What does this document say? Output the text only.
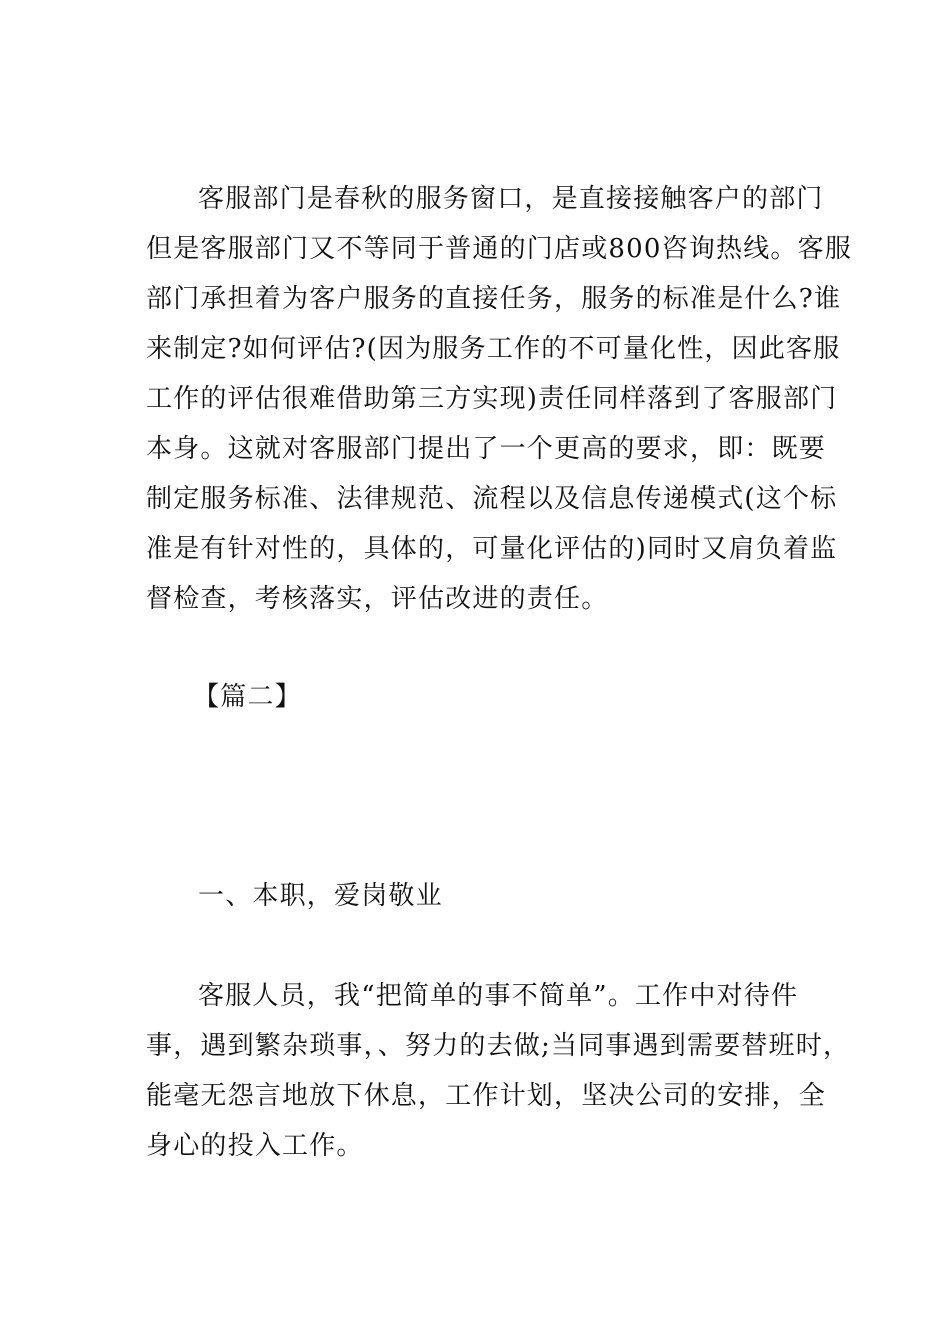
客服部门是春秋的服务窗口，是直接接触客户的部门
但是客服部门又不等同于普通的门店或800咨询热线。客服
部门承担着为客户服务的直接任务，服务的标准是什么?谁
来制定?如何评估?(因为服务工作的不可量化性，因此客服
工作的评估很难借助第三方实现)责任同样落到了客服部门
本身。这就对客服部门提出了一个更高的要求，即：既要
制定服务标准、法律规范、流程以及信息传递模式(这个标
准是有针对性的，具体的，可量化评估的)同时又肩负着监
督检查，考核落实，评估改进的责任。
【篇二】
一、本职，爱岗敬业
客服人员，我“把简单的事不简单”。工作中对待件
事，遇到繁杂琐事，、努力的去做;当同事遇到需要替班时，
能毫无怨言地放下休息，工作计划，坚决公司的安排，全
身心的投入工作。
